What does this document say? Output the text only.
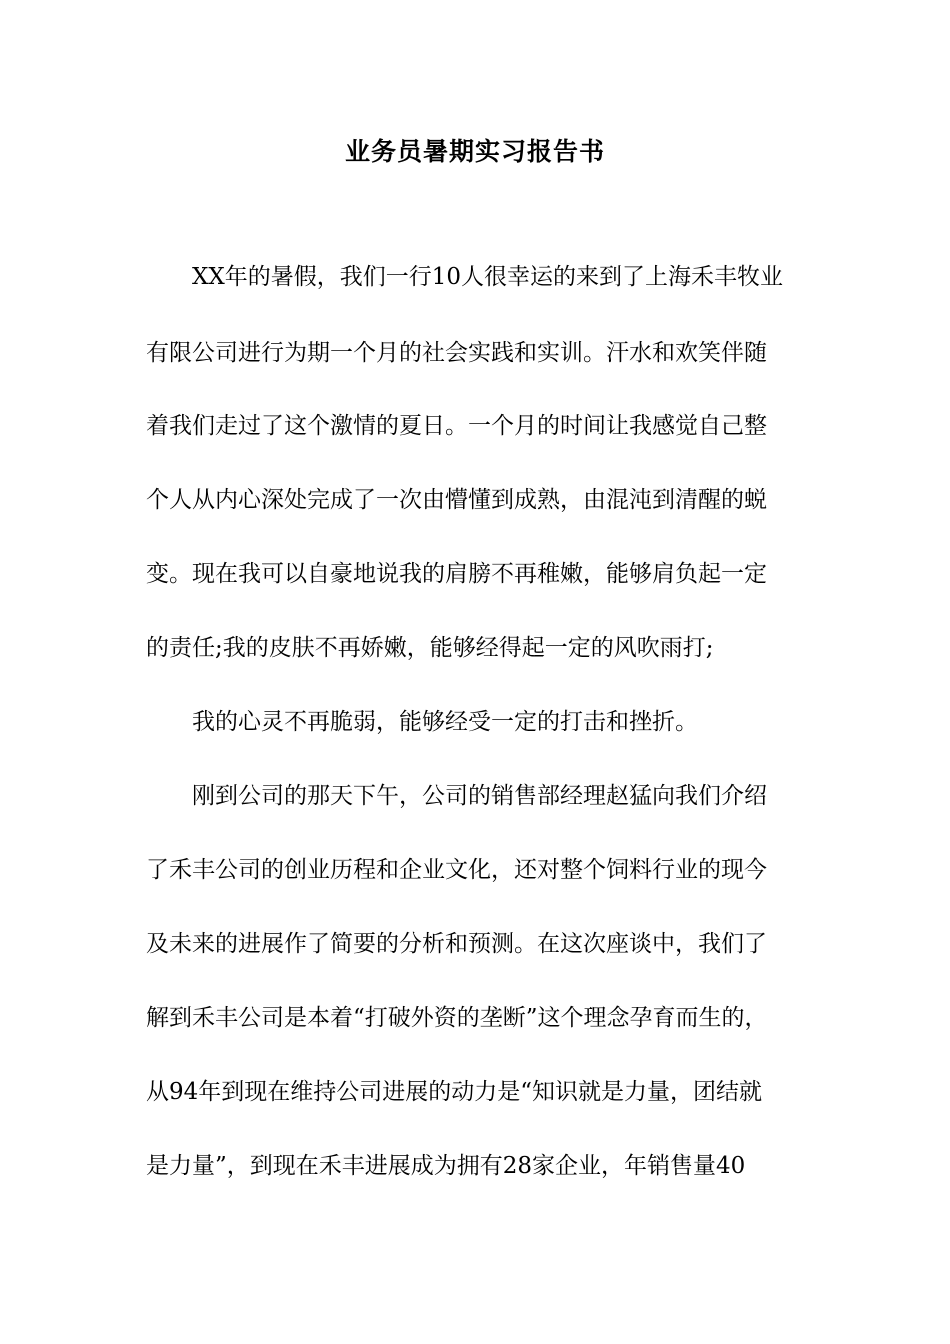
业务员暑期实习报告书

XX年的暑假，我们一行10人很幸运的来到了上海禾丰牧业

有限公司进行为期一个月的社会实践和实训。汗水和欢笑伴随

着我们走过了这个激情的夏日。一个月的时间让我感觉自己整

个人从内心深处完成了一次由懵懂到成熟，由混沌到清醒的蜕

变。现在我可以自豪地说我的肩膀不再稚嫩，能够肩负起一定

的责任;我的皮肤不再娇嫩，能够经得起一定的风吹雨打;

我的心灵不再脆弱，能够经受一定的打击和挫折。

刚到公司的那天下午，公司的销售部经理赵猛向我们介绍

了禾丰公司的创业历程和企业文化，还对整个饲料行业的现今

及未来的进展作了简要的分析和预测。在这次座谈中，我们了

解到禾丰公司是本着“打破外资的垄断”这个理念孕育而生的，

从94年到现在维持公司进展的动力是“知识就是力量，团结就

是力量”，到现在禾丰进展成为拥有28家企业，年销售量40
